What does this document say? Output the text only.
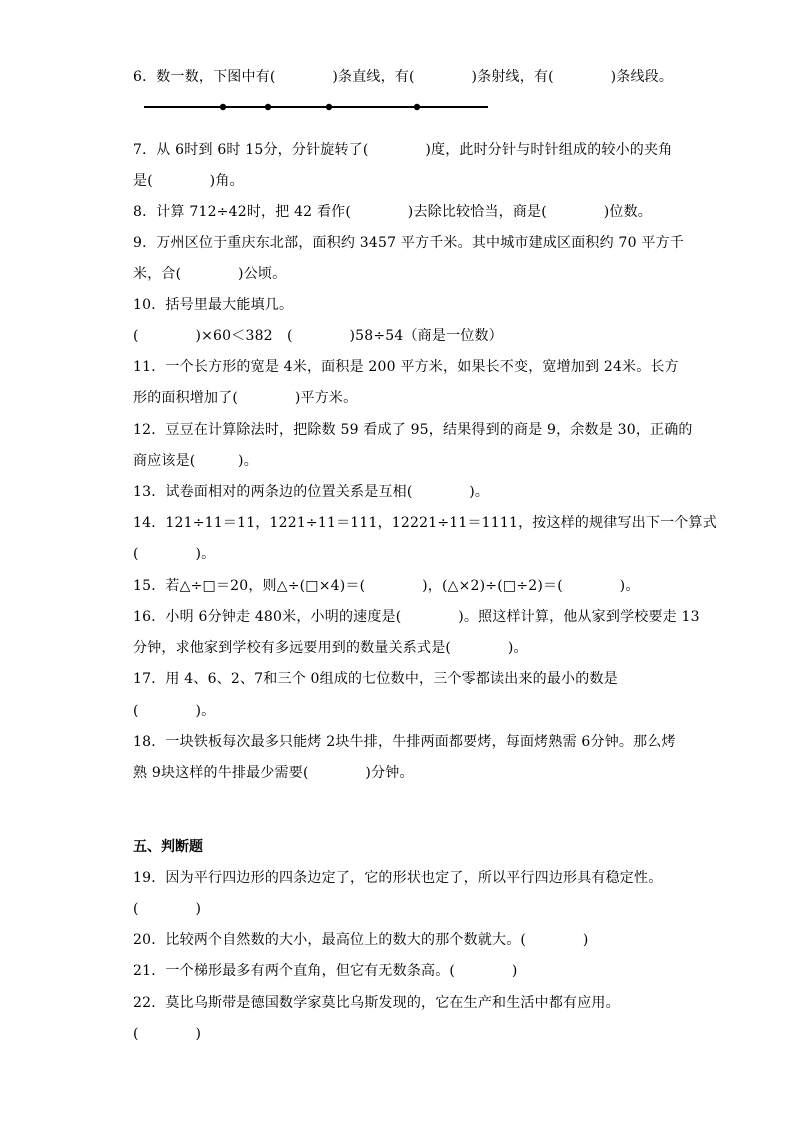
6．数一数，下图中有(　　　　)条直线，有(　　　　)条射线，有(　　　　)条线段。
7．从 6时到 6时 15分，分针旋转了(　　　　)度，此时分针与时针组成的较小的夹角
是(　　　　)角。
8．计算 712÷42时，把 42 看作(　　　　)去除比较恰当，商是(　　　　)位数。
9．万州区位于重庆东北部，面积约 3457 平方千米。其中城市建成区面积约 70 平方千
米，合(　　　　)公顷。
10．括号里最大能填几。
(　　　　)×60＜382　(　　　　)58÷54（商是一位数）
11．一个长方形的宽是 4米，面积是 200 平方米，如果长不变，宽增加到 24米。长方
形的面积增加了(　　　　)平方米。
12．豆豆在计算除法时，把除数 59 看成了 95，结果得到的商是 9，余数是 30，正确的
商应该是(　　　)。
13．试卷面相对的两条边的位置关系是互相(　　　　)。
14．121÷11＝11，1221÷11＝111，12221÷11＝1111，按这样的规律写出下一个算式
(　　　　)。
15．若△÷□＝20，则△÷(□×4)＝(　　　　)，(△×2)÷(□÷2)＝(　　　　)。
16．小明 6分钟走 480米，小明的速度是(　　　　)。照这样计算，他从家到学校要走 13
分钟，求他家到学校有多远要用到的数量关系式是(　　　　)。
17．用 4、6、2、7和三个 0组成的七位数中，三个零都读出来的最小的数是
(　　　　)。
18．一块铁板每次最多只能烤 2块牛排，牛排两面都要烤，每面烤熟需 6分钟。那么烤
熟 9块这样的牛排最少需要(　　　　)分钟。
五、判断题
19．因为平行四边形的四条边定了，它的形状也定了，所以平行四边形具有稳定性。
(　　　　)
20．比较两个自然数的大小，最高位上的数大的那个数就大。(　　　　)
21．一个梯形最多有两个直角，但它有无数条高。(　　　　)
22．莫比乌斯带是德国数学家莫比乌斯发现的，它在生产和生活中都有应用。
(　　　　)
